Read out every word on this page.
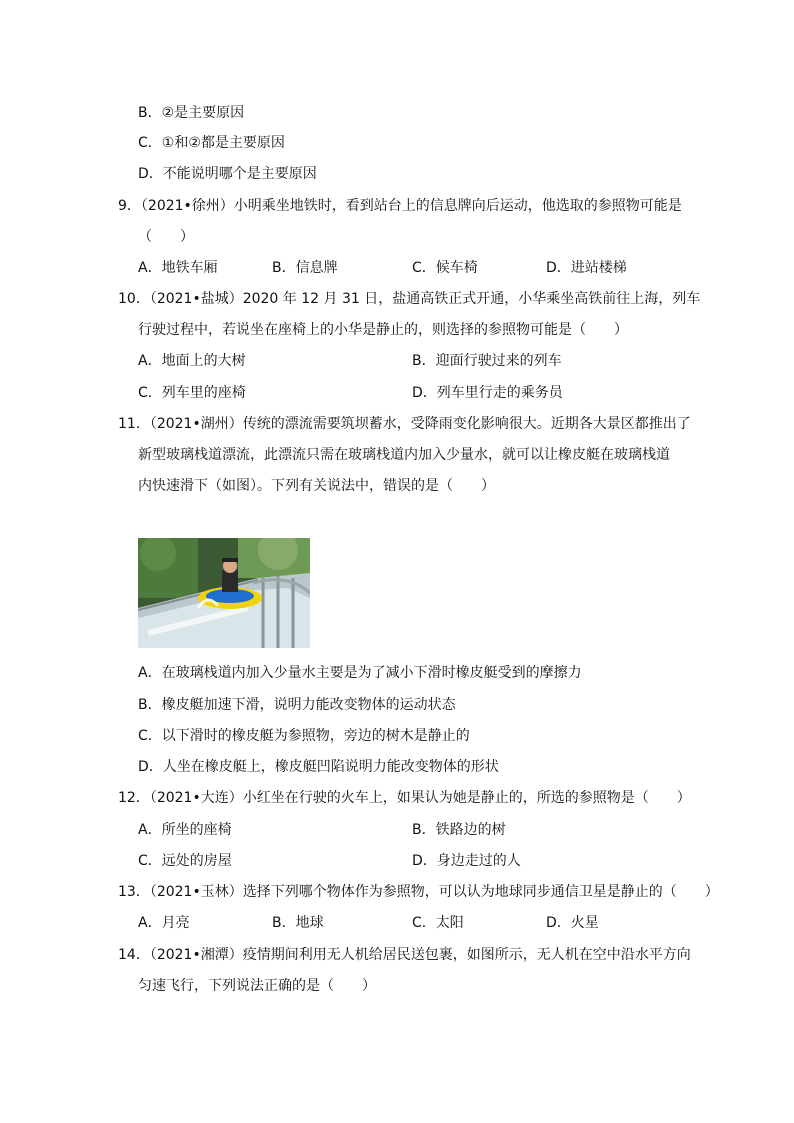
B．②是主要原因
C．①和②都是主要原因
D．不能说明哪个是主要原因
9．（2021•徐州）小明乘坐地铁时，看到站台上的信息牌向后运动，他选取的参照物可能是
（　　）
A．地铁车厢	B．信息牌	C．候车椅	D．进站楼梯
10．（2021•盐城）2020 年 12 月 31 日，盐通高铁正式开通，小华乘坐高铁前往上海，列车
行驶过程中，若说坐在座椅上的小华是静止的，则选择的参照物可能是（　　）
A．地面上的大树	B．迎面行驶过来的列车
C．列车里的座椅	D．列车里行走的乘务员
11．（2021•湖州）传统的漂流需要筑坝蓄水，受降雨变化影响很大。近期各大景区都推出了
新型玻璃栈道漂流，此漂流只需在玻璃栈道内加入少量水，就可以让橡皮艇在玻璃栈道
内快速滑下（如图）。下列有关说法中，错误的是（　　）
A．在玻璃栈道内加入少量水主要是为了减小下滑时橡皮艇受到的摩擦力
B．橡皮艇加速下滑，说明力能改变物体的运动状态
C．以下滑时的橡皮艇为参照物，旁边的树木是静止的
D．人坐在橡皮艇上，橡皮艇凹陷说明力能改变物体的形状
12．（2021•大连）小红坐在行驶的火车上，如果认为她是静止的，所选的参照物是（　　）
A．所坐的座椅	B．铁路边的树
C．远处的房屋	D．身边走过的人
13．（2021•玉林）选择下列哪个物体作为参照物，可以认为地球同步通信卫星是静止的（　　）
A．月亮	B．地球	C．太阳	D．火星
14．（2021•湘潭）疫情期间利用无人机给居民送包裹，如图所示，无人机在空中沿水平方向
匀速飞行，下列说法正确的是（　　）
